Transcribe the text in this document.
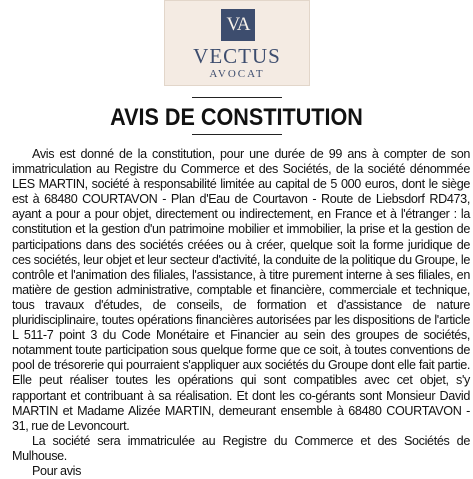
VA
VECTUS
AVOCAT
AVIS DE CONSTITUTION

Avis est donné de la constitution, pour une durée de 99 ans à compter de son immatriculation au Registre du Commerce et des Sociétés, de la société dénommée LES MARTIN, société à responsabilité limitée au capital de 5 000 euros, dont le siège est à 68480 COURTAVON - Plan d'Eau de Courtavon - Route de Liebsdorf RD473, ayant a pour a pour objet, directement ou indirectement, en France et à l'étranger : la constitution et la gestion d'un patrimoine mobilier et immobilier, la prise et la gestion de participations dans des sociétés créées ou à créer, quelque soit la forme juridique de ces sociétés, leur objet et leur secteur d'activité, la conduite de la politique du Groupe, le contrôle et l'animation des filiales, l'assistance, à titre purement interne à ses filiales, en matière de gestion administrative, comptable et financière, commerciale et technique, tous travaux d'études, de conseils, de formation et d'assistance de nature pluridisciplinaire, toutes opérations financières autorisées par les dispositions de l'article L 511-7 point 3 du Code Monétaire et Financier au sein des groupes de sociétés, notamment toute participation sous quelque forme que ce soit, à toutes conventions de pool de trésorerie qui pourraient s'appliquer aux sociétés du Groupe dont elle fait partie. Elle peut réaliser toutes les opérations qui sont compatibles avec cet objet, s'y rapportant et contribuant à sa réalisation. Et dont les co-gérants sont Monsieur David MARTIN et Madame Alizée MARTIN, demeurant ensemble à 68480 COURTAVON - 31, rue de Levoncourt.

La société sera immatriculée au Registre du Commerce et des Sociétés de Mulhouse.

Pour avis
